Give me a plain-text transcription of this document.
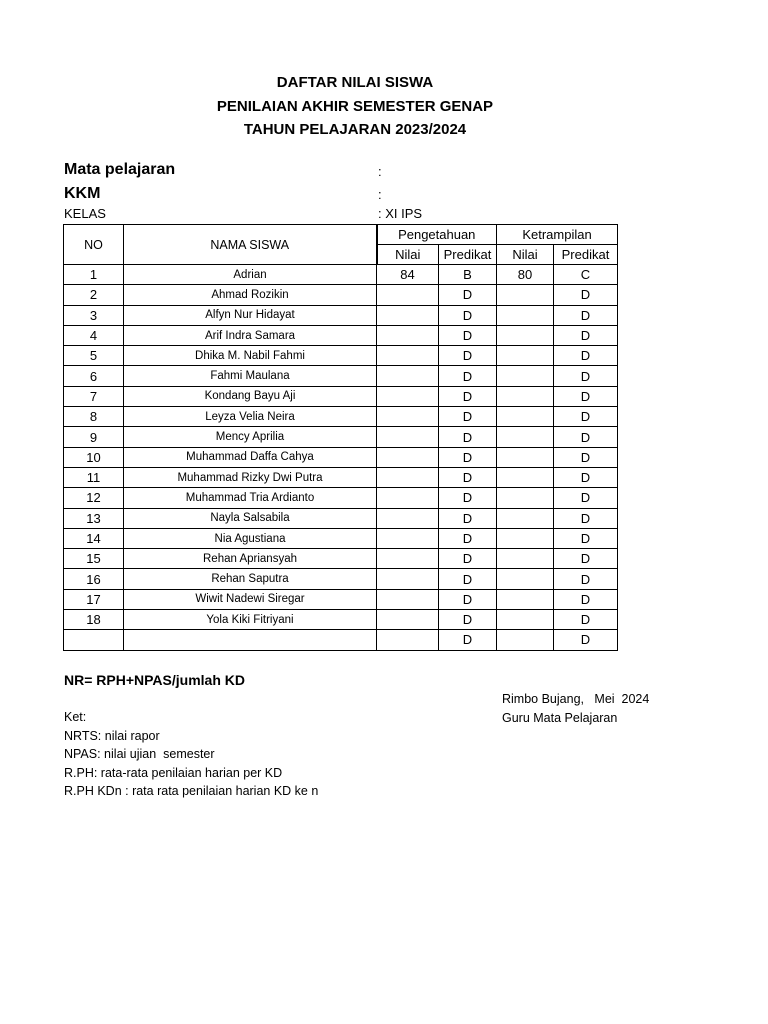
DAFTAR NILAI SISWA
PENILAIAN AKHIR SEMESTER GENAP
TAHUN PELAJARAN 2023/2024
Mata pelajaran	:
KKM	:
KELAS	: XI IPS
NO	NAMA SISWA	Pengetahuan		Ketrampilan	
		Nilai	Predikat	Nilai	Predikat
1	Adrian	84	B	80	C
2	Ahmad Rozikin		D		D
3	Alfyn Nur Hidayat		D		D
4	Arif Indra Samara		D		D
5	Dhika M. Nabil Fahmi		D		D
6	Fahmi Maulana		D		D
7	Kondang Bayu Aji		D		D
8	Leyza Velia Neira		D		D
9	Mency Aprilia		D		D
10	Muhammad Daffa Cahya		D		D
11	Muhammad Rizky Dwi Putra		D		D
12	Muhammad Tria Ardianto		D		D
13	Nayla Salsabila		D		D
14	Nia Agustiana		D		D
15	Rehan Apriansyah		D		D
16	Rehan Saputra		D		D
17	Wiwit Nadewi Siregar		D		D
18	Yola Kiki Fitriyani		D		D
			D		D
NR= RPH+NPAS/jumlah KD
Rimbo Bujang,   Mei  2024
Guru Mata Pelajaran
Ket:
NRTS: nilai rapor
NPAS: nilai ujian  semester
R.PH: rata-rata penilaian harian per KD
R.PH KDn : rata rata penilaian harian KD ke n
